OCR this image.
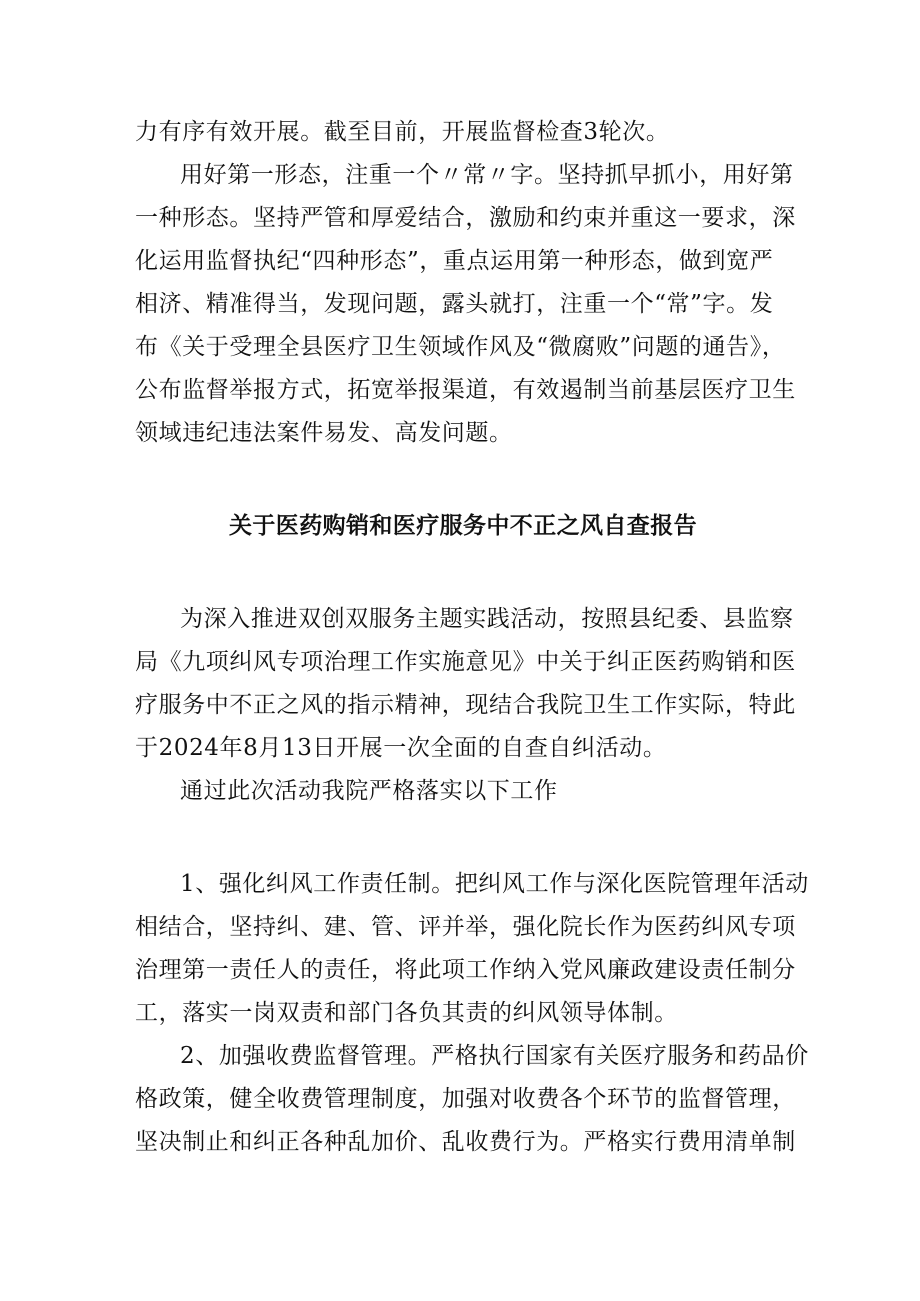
力有序有效开展。截至目前，开展监督检查3轮次。
用好第一形态，注重一个〃常〃字。坚持抓早抓小，用好第
一种形态。坚持严管和厚爱结合，激励和约束并重这一要求，深
化运用监督执纪“四种形态”，重点运用第一种形态，做到宽严
相济、精准得当，发现问题，露头就打，注重一个“常”字。发
布《关于受理全县医疗卫生领域作风及“微腐败”问题的通告》，
公布监督举报方式，拓宽举报渠道，有效遏制当前基层医疗卫生
领域违纪违法案件易发、高发问题。
关于医药购销和医疗服务中不正之风自查报告
为深入推进双创双服务主题实践活动，按照县纪委、县监察
局《九项纠风专项治理工作实施意见》中关于纠正医药购销和医
疗服务中不正之风的指示精神，现结合我院卫生工作实际，特此
于2024年8月13日开展一次全面的自查自纠活动。
通过此次活动我院严格落实以下工作
1、强化纠风工作责任制。把纠风工作与深化医院管理年活动
相结合，坚持纠、建、管、评并举，强化院长作为医药纠风专项
治理第一责任人的责任，将此项工作纳入党风廉政建设责任制分
工，落实一岗双责和部门各负其责的纠风领导体制。
2、加强收费监督管理。严格执行国家有关医疗服务和药品价
格政策，健全收费管理制度，加强对收费各个环节的监督管理，
坚决制止和纠正各种乱加价、乱收费行为。严格实行费用清单制
